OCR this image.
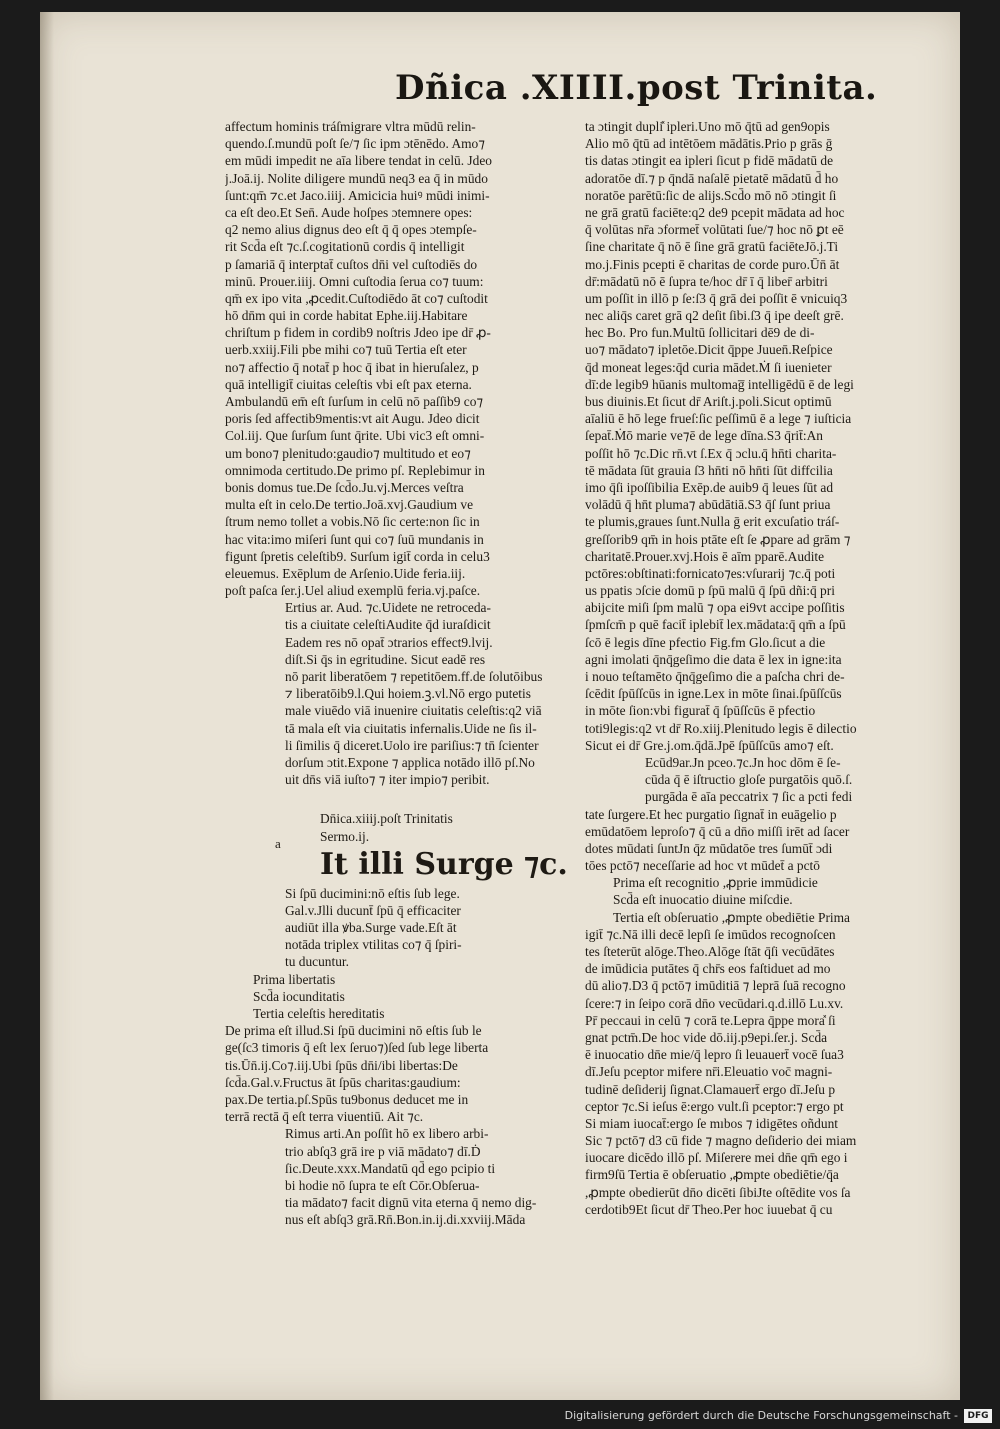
Dñica .XIIII.post Trinita.
affectum hominis tráſmigrare vltra mūdū relin-
quendo.ſ.mundū poſt ſe/⁊ ſic ipm ɔtēnēdo. Amo⁊
em mūdi impedit ne aīa libere tendat in celū. Jdeo
j.Joā.ij. Nolite diligere mundū neq3 ea q̄ in mūdo
ſunt:qm̄ ⁊c.et Jaco.iiij. Amicicia huiꝰ mūdi inimi-
ca eſt deo.Et Sen̄. Aude hoſpes ɔtemnere opes:
q2 nemo alius dignus deo eſt q̄ q̄ opes ɔtempſe-
rit Scd̄a eſt ⁊c.ſ.cogitationū cordis q̄ intelligit
p ſamariā q̄ interptat̄ cuſtos dn̄i vel cuſtodiēs do
minū. Prouer.iiij. Omni cuſtodia ſerua co⁊ tuum:
qm̄ ex ipo vita ,ꝓcedit.Cuſtodiēdo āt co⁊ cuſtodit
hō dn̄m qui in corde habitat Ephe.iij.Habitare
chriſtum p fidem in cordib9 noſtris Jdeo ipe dr̄ ꝓ-
uerb.xxiij.Fili pbe mihi co⁊ tuū Tertia eſt eter
no⁊ affectio q̄ notat̄ p hoc q̄ ibat in hieruſalez, p
quā intelligit̄ ciuitas celeſtis vbi eſt pax eterna.
Ambulandū em̄ eſt ſurſum in celū nō paſſib9 co⁊
poris ſed affectib9mentis:vt ait Augu. Jdeo dicit
Col.iij. Que ſurſum ſunt q̄rite. Ubi vic3 eſt omni-
um bono⁊ plenitudo:gaudio⁊ multitudo et eo⁊
omnimoda certitudo.De primo pſ. Replebimur in
bonis domus tue.De ſcd̄o.Ju.vj.Merces veſtra
multa eſt in celo.De tertio.Joā.xvj.Gaudium ve
ſtrum nemo tollet a vobis.Nō ſic certe:non ſic in
hac vita:imo miſeri ſunt qui co⁊ ſuū mundanis in
figunt ſpretis celeſtib9. Surſum igit̄ corda in celu3
eleuemus. Exēplum de Arſenio.Uide feria.iij.
poſt paſca ſer.j.Uel aliud exemplū feria.vj.paſce.
Ertius ar. Aud. ⁊c.Uidete ne retroceda-
tis a ciuitate celeſtiAudite q̄d iuraſdicit
Eadem res nō opat̄ ɔtrarios effect9.lvij.
diſt.Si q̄s in egritudine. Sicut eadē res
nō parit liberatōem ⁊ repetitōem.ff.de ſolutōibus
⁊ liberatōib9.l.Qui hoiem.ꝫ.vl.Nō ergo putetis
male viuēdo viā inuenire ciuitatis celeſtis:q2 viā
tā mala eſt via ciuitatis infernalis.Uide ne ſis il-
li ſimilis q̄ diceret.Uolo ire pariſius:⁊ tn̄ ſcienter
dorſum ɔtit.Expone ⁊ applica notādo illō pſ.No
uit dn̄s viā iuſto⁊ ⁊ iter impio⁊ peribit.
Dn̄ica.xiiij.poſt Trinitatis
Sermo.ij.
It illi Surge ⁊c.
Si ſpū ducimini:nō eſtis ſub lege.
Gal.v.Jlli ducunt̄ ſpū q̄ efficaciter
audiūt illa ꝟba.Surge vade.Eſt āt
notāda triplex vtilitas co⁊ q̄ ſpiri-
tu ducuntur.
Prima libertatis
Scd̄a iocunditatis
Tertia celeſtis hereditatis
De prima eſt illud.Si ſpū ducimini nō eſtis ſub le
ge(ſc3 timoris q̄ eſt lex ſeruo⁊)ſed ſub lege liberta
tis.Ūn̄.ij.Co⁊.iij.Ubi ſpūs dn̄i/ibi libertas:De
ſcd̄a.Gal.v.Fructus āt ſpūs charitas:gaudium:
pax.De tertia.pſ.Spūs tu9bonus deducet me in
terrā rectā q̄ eſt terra viuentiū. Ait ⁊c.
Rimus arti.An poſſit hō ex libero arbi-
trio abſq3 grā ire p viā mādato⁊ dī.Ḋ
ſic.Deute.xxx.Mandatū qd̄ ego pcipio ti
bi hodie nō ſupra te eſt Cōr.Obſerua-
tia mādato⁊ facit dignū vita eterna q̄ nemo dig-
nus eſt abſq3 grā.Rn̄.Bon.in.ij.di.xxviij.Māda
a
ta ɔtingit dupli̽ ipleri.Uno mō q̄tū ad gen9opis
Alio mō q̄tū ad intētōem mādātis.Prio p grās ḡ
tis datas ɔtingit ea ipleri ſicut p fidē mādatū de
adoratōe dī.⁊ p q̄ndā naſalē pietatē mādatū d̄ ho
noratōe parētū:ſic de alijs.Scd̄o mō nō ɔtingit ſi
ne grā gratū faciēte:q2 de9 pcepit mādata ad hoc
q̄ volūtas nr̄a ɔformet̄ volūtati ſue/⁊ hoc nō ꝑt eē
ſine charitate q̄ nō ē ſine grā gratū faciēteJō.j.Ti
mo.j.Finis pcepti ē charitas de corde puro.Ūn̄ āt
dr̄:mādatū nō ē ſupra te/hoc dr̄ ī q̄ liber̄ arbitri
um poſſit in illō p ſe:ſ3 q̄ grā dei poſſit ē vnicuiq3
nec aliq̄s caret grā q2 deſit ſibi.ſ3 q̄ ipe deeſt grē.
hec Bo. Pro fun.Multū ſollicitari dē9 de di-
uo⁊ mādato⁊ ipletōe.Dicit q̄ppe Juuen̄.Reſpice
q̄d moneat leges:q̄d curia mādet.Ṁ ſi iuenieter
dī:de legib9 hūanis multomag̅ intelligēdū ē de legi
bus diuinis.Et ſicut dr̄ Ariſt.j.poli.Sicut optimū
aīaliū ē hō lege frueſ:ſic peſſimū ē a lege ⁊ iuſticia
ſepat̄.Ṁō marie ve⁊ē de lege dīna.S3 q̄rit̄:An
poſſit hō ⁊c.Dic rn̄.vt ſ.Ex q̄ ɔclu.q̄ hn̄ti charita-
tē mādata ſūt grauia ſ3 hn̄ti nō hn̄ti ſūt diffcilia
imo q̄ſi ipoſſibilia Exēp.de auib9 q̄ leues ſūt ad
volādū q̄ hn̄t pluma⁊ abūdātiā.S3 q̄ſ ſunt priua
te plumis,graues ſunt.Nulla ḡ erit excuſatio tráſ-
greſſorib9 qm̄ in hois ptāte eſt ſe ꝓpare ad grām ⁊
charitatē.Prouer.xvj.Hois ē aīm pparē.Audite
pctōres:obſtinati:fornicato⁊es:vſurarij ⁊c.q̄ poti
us ppatis ɔſcie domū p ſpū malū q̄ ſpū dñi:q̄ pri
abijcite miſi ſpm malū ⁊ opa ei9vt accipe poſſitis
ſpmſcm̄ p quē facit̄ iplebit̄ lex.mādata:q̄ qm̄ a ſpū
ſcō ē legis dīne pfectio Fig.fm Glo.ſicut a die
agni imolati q̄nq̄geſimo die data ē lex in igne:ita
i nouo teſtamēto q̄nq̄geſimo die a paſcha chri de-
ſcēdit ſpūſſcūs in igne.Lex in mōte ſinai.ſpūſſcūs
in mōte ſion:vbi figurat̄ q̄ ſpūſſcūs ē pfectio
toti9legis:q2 vt dr̄ Ro.xiij.Plenitudo legis ē dilectio
Sicut ei dr̄ Gre.j.om.q̄dā.Jpē ſpūſſcūs amo⁊ eſt.
Ecūd9ar.Jn pceo.⁊c.Jn hoc dōm ē ſe-
cūda q̄ ē iſtructio gloſe purgatōis quō.ſ.
purgāda ē aīa peccatrix ⁊ ſic a pcti fedi
tate ſurgere.Et hec purgatio ſignat̄ in euāgelio p
emūdatōem leproſo⁊ q̄ cū a dn̄o miſſi irēt ad ſacer
dotes mūdati ſuntJn q̄z mūdatōe tres ſumūt̄ ɔdi
tōes pctō⁊ neceſſarie ad hoc vt mūdet̄ a pctō
Prima eſt recognitio ,ꝓprie immūdicie
Scd̄a eſt inuocatio diuine miſcdie.
Tertia eſt obſeruatio ,ꝓmpte obediētie Prima
igit̄ ⁊c.Nā illi decē lepſi ſe imūdos recognoſcen
tes ſteterūt alōge.Theo.Alōge ſtāt q̄ſi vecūdātes
de imūdicia putātes q̄ chr̄s eos faſtiduet ad mo
dū alio⁊.D3 q̄ pctō⁊ imūditiā ⁊ leprā ſuā recogno
ſcere:⁊ in ſeipo corā dn̄o vecūdari.q.d.illō Lu.xv.
Pr̄ peccaui in celū ⁊ corā te.Lepra q̄ppe mora̽ ſi
gnat pctm̄.De hoc vide dō.iij.p9epi.ſer.j. Scd̄a
ē inuocatio dn̄e mie/q̄ lepro ſi leuauert̄ vocē ſua3
dī.Jeſu pceptor mifere nr̄i.Eleuatio voc̄ magni-
tudinē deſiderij ſignat.Clamauert̄ ergo dī.Jeſu p
ceptor ⁊c.Si ieſus ē:ergo vult.ſi pceptor:⁊ ergo pt
Si miam iuocat̄:ergo ſe mıbos ⁊ idigētes oñdunt
Sic ⁊ pctō⁊ d3 cū fide ⁊ magno deſiderio dei miam
iuocare dicēdo illō pſ. Miſerere mei dn̄e qm̄ ego i
firm9ſū Tertia ē obſeruatio ,ꝓmpte obediētie/q̄a
,ꝓmpte obedierūt dn̄o dicēti ſibiJte oſtēdite vos ſa
cerdotib9Et ſicut dr̄ Theo.Per hoc iuuebat q̄ cu
Digitalisierung gefördert durch die Deutsche Forschungsgemeinschaft -	DFG
